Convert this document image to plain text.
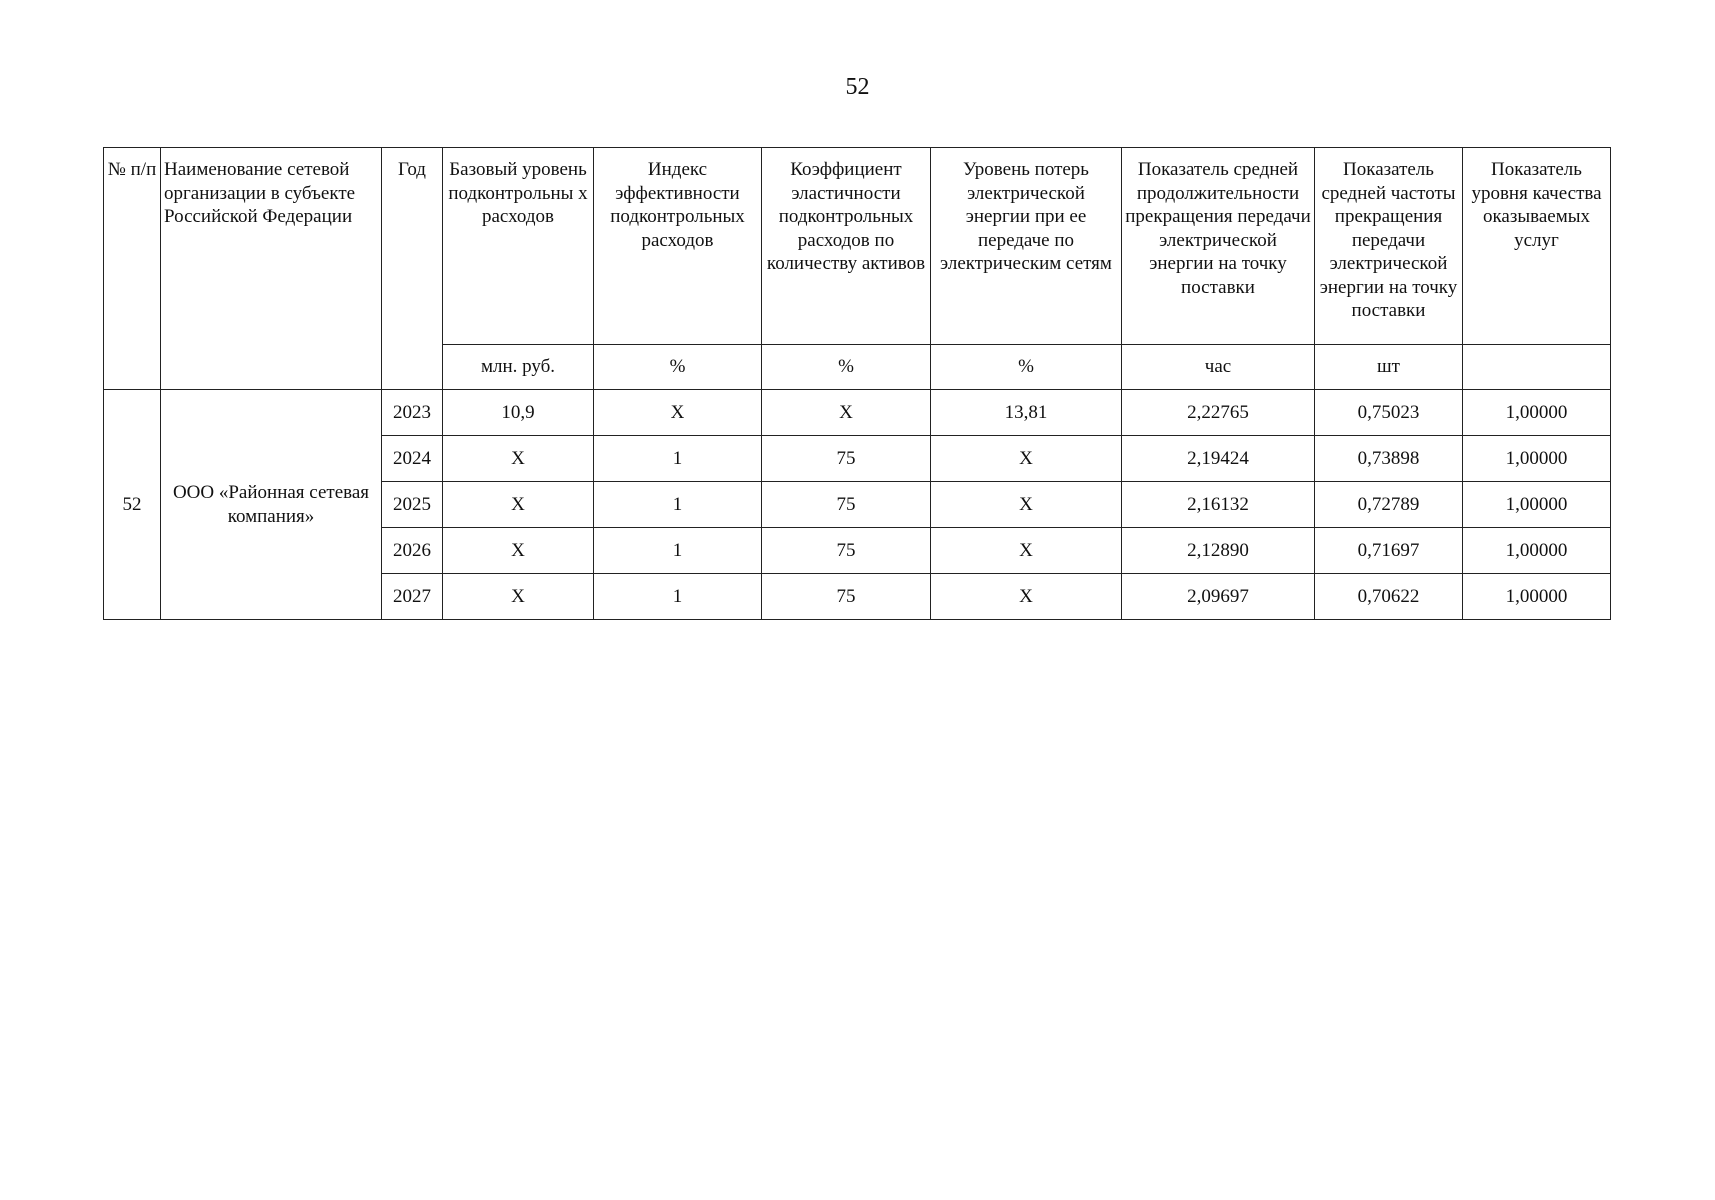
52
№ п/п	Наименование сетевой организации в субъекте Российской Федерации	Год	Базовый уровень подконтрольны х расходов	Индекс эффективности подконтрольных расходов	Коэффициент эластичности подконтрольных расходов по количеству активов	Уровень потерь электрической энергии при ее передаче по электрическим сетям	Показатель средней продолжительности прекращения передачи электрической энергии на точку поставки	Показатель средней частоты прекращения передачи электрической энергии на точку поставки	Показатель уровня качества оказываемых услуг
			млн. руб.	%	%	%	час	шт	
52	ООО «Районная сетевая компания»	2023	10,9	X	X	13,81	2,22765	0,75023	1,00000
		2024	X	1	75	X	2,19424	0,73898	1,00000
		2025	X	1	75	X	2,16132	0,72789	1,00000
		2026	X	1	75	X	2,12890	0,71697	1,00000
		2027	X	1	75	X	2,09697	0,70622	1,00000
